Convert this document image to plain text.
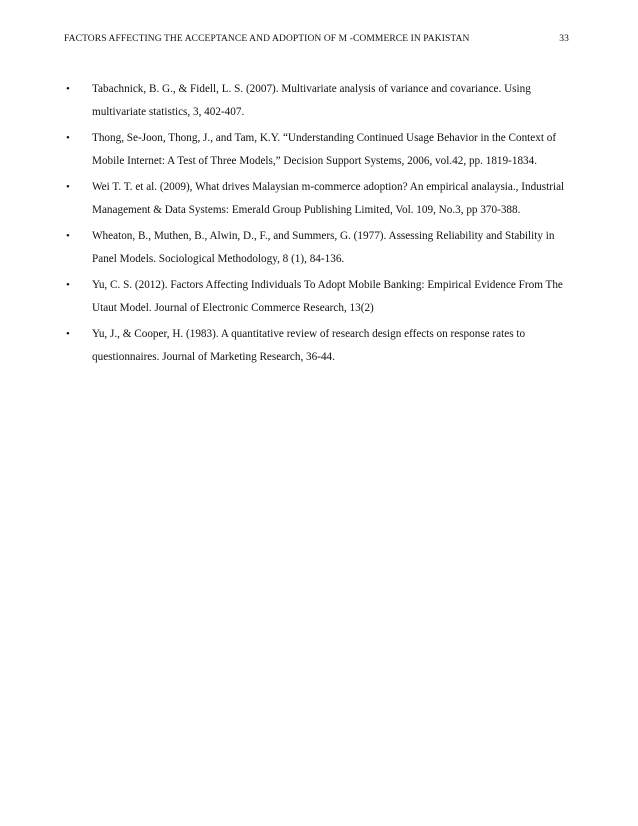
FACTORS AFFECTING THE ACCEPTANCE AND ADOPTION OF M -COMMERCE IN PAKISTAN	33
• Tabachnick, B. G., & Fidell, L. S. (2007). Multivariate analysis of variance and covariance. Using multivariate statistics, 3, 402-407.
• Thong, Se-Joon, Thong, J., and Tam, K.Y. “Understanding Continued Usage Behavior in the Context of Mobile Internet: A Test of Three Models,” Decision Support Systems, 2006, vol.42, pp. 1819-1834.
• Wei T. T. et al. (2009), What drives Malaysian m-commerce adoption? An empirical analaysia., Industrial Management & Data Systems: Emerald Group Publishing Limited, Vol. 109, No.3, pp 370-388.
• Wheaton, B., Muthen, B., Alwin, D., F., and Summers, G. (1977). Assessing Reliability and Stability in Panel Models. Sociological Methodology, 8 (1), 84-136.
• Yu, C. S. (2012). Factors Affecting Individuals To Adopt Mobile Banking: Empirical Evidence From The Utaut Model. Journal of Electronic Commerce Research, 13(2)
• Yu, J., & Cooper, H. (1983). A quantitative review of research design effects on response rates to questionnaires. Journal of Marketing Research, 36-44.
